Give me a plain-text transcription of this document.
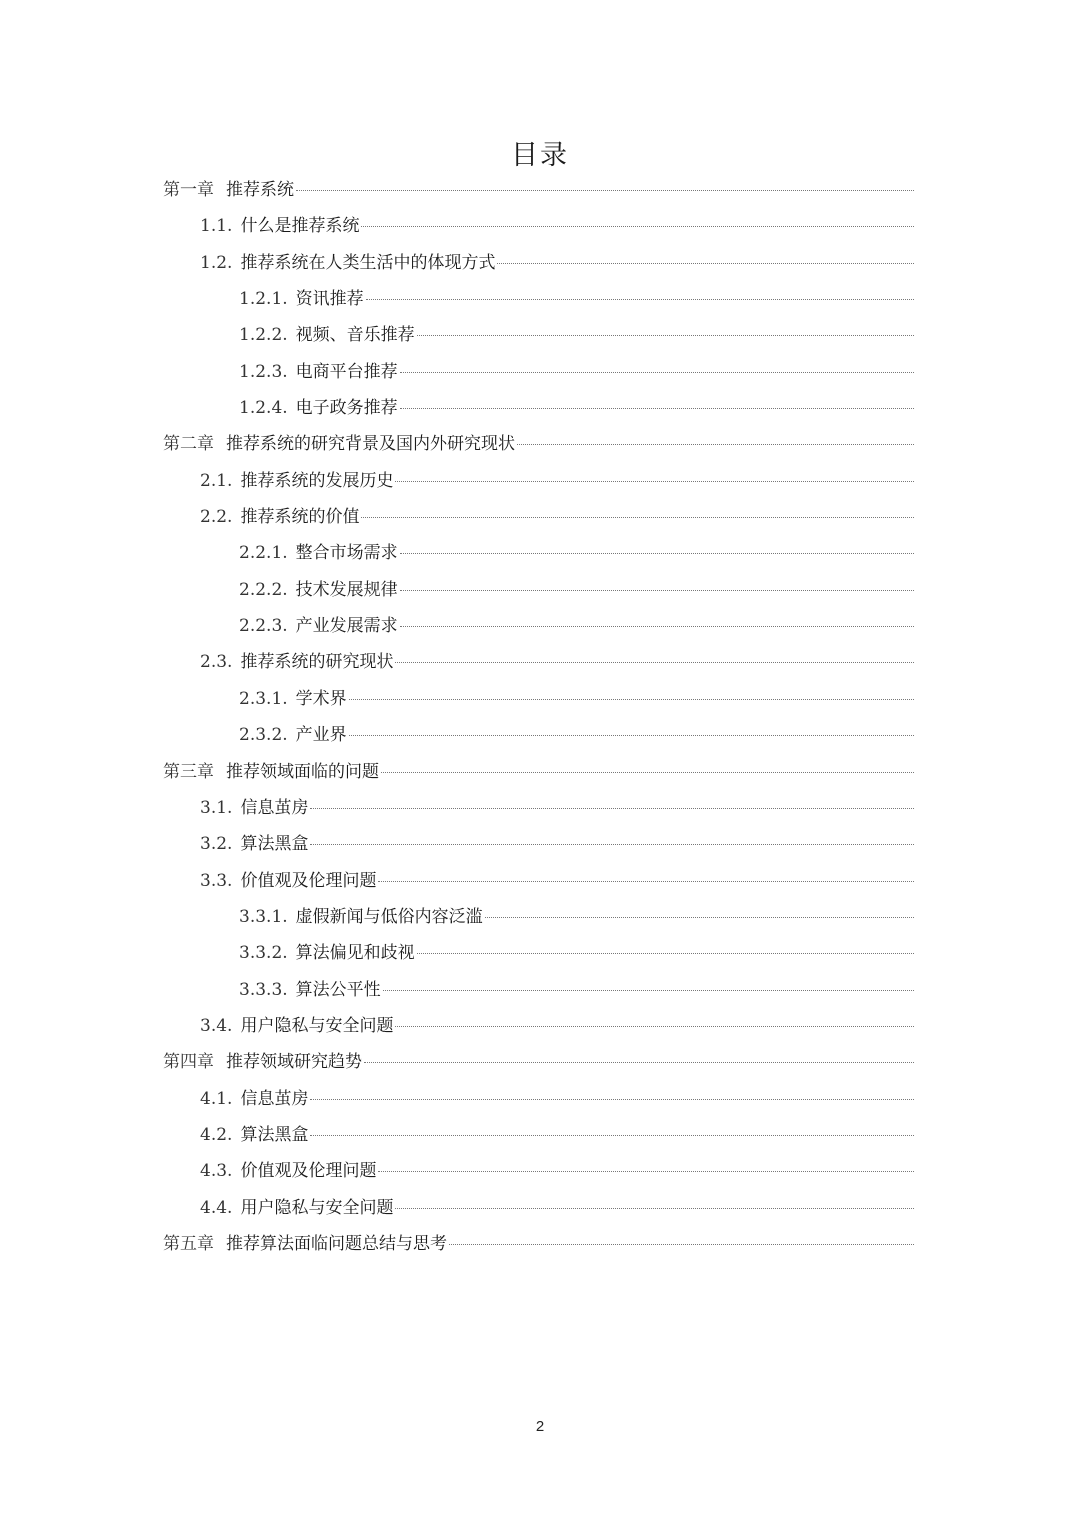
目录
第一章 推荐系统
1.1. 什么是推荐系统
1.2. 推荐系统在人类生活中的体现方式
1.2.1. 资讯推荐
1.2.2. 视频、音乐推荐
1.2.3. 电商平台推荐
1.2.4. 电子政务推荐
第二章 推荐系统的研究背景及国内外研究现状
2.1. 推荐系统的发展历史
2.2. 推荐系统的价值
2.2.1. 整合市场需求
2.2.2. 技术发展规律
2.2.3. 产业发展需求
2.3. 推荐系统的研究现状
2.3.1. 学术界
2.3.2. 产业界
第三章 推荐领域面临的问题
3.1. 信息茧房
3.2. 算法黑盒
3.3. 价值观及伦理问题
3.3.1. 虚假新闻与低俗内容泛滥
3.3.2. 算法偏见和歧视
3.3.3. 算法公平性
3.4. 用户隐私与安全问题
第四章 推荐领域研究趋势
4.1. 信息茧房
4.2. 算法黑盒
4.3. 价值观及伦理问题
4.4. 用户隐私与安全问题
第五章 推荐算法面临问题总结与思考
2
